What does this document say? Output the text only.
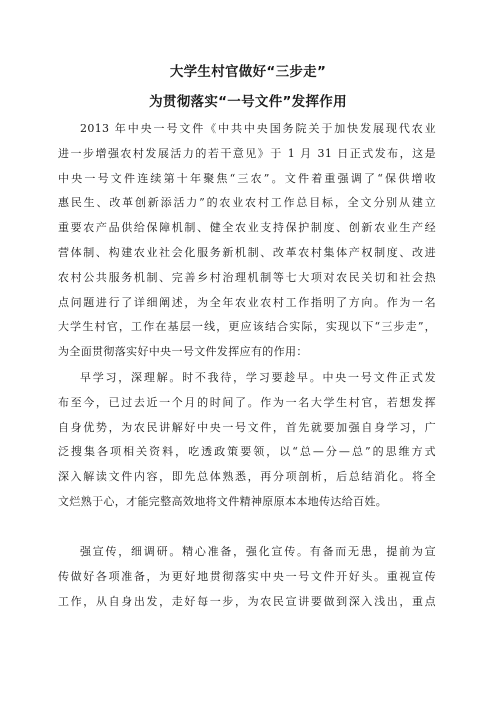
大学生村官做好“三步走”
为贯彻落实“一号文件”发挥作用
2013 年中央一号文件《中共中央国务院关于加快发展现代农业
进一步增强农村发展活力的若干意见》于 1 月 31 日正式发布，这是
中央一号文件连续第十年聚焦“三农”。文件着重强调了“保供增收
惠民生、改革创新添活力”的农业农村工作总目标，全文分别从建立
重要农产品供给保障机制、健全农业支持保护制度、创新农业生产经
营体制、构建农业社会化服务新机制、改革农村集体产权制度、改进
农村公共服务机制、完善乡村治理机制等七大项对农民关切和社会热
点问题进行了详细阐述，为全年农业农村工作指明了方向。作为一名
大学生村官，工作在基层一线，更应该结合实际，实现以下“三步走”，
为全面贯彻落实好中央一号文件发挥应有的作用：
早学习，深理解。时不我待，学习要趁早。中央一号文件正式发
布至今，已过去近一个月的时间了。作为一名大学生村官，若想发挥
自身优势，为农民讲解好中央一号文件，首先就要加强自身学习，广
泛搜集各项相关资料，吃透政策要领，以“总—分—总”的思维方式
深入解读文件内容，即先总体熟悉，再分项剖析，后总结消化。将全
文烂熟于心，才能完整高效地将文件精神原原本本地传达给百姓。
强宣传，细调研。精心准备，强化宣传。有备而无患，提前为宣
传做好各项准备，为更好地贯彻落实中央一号文件开好头。重视宣传
工作，从自身出发，走好每一步，为农民宣讲要做到深入浅出，重点
